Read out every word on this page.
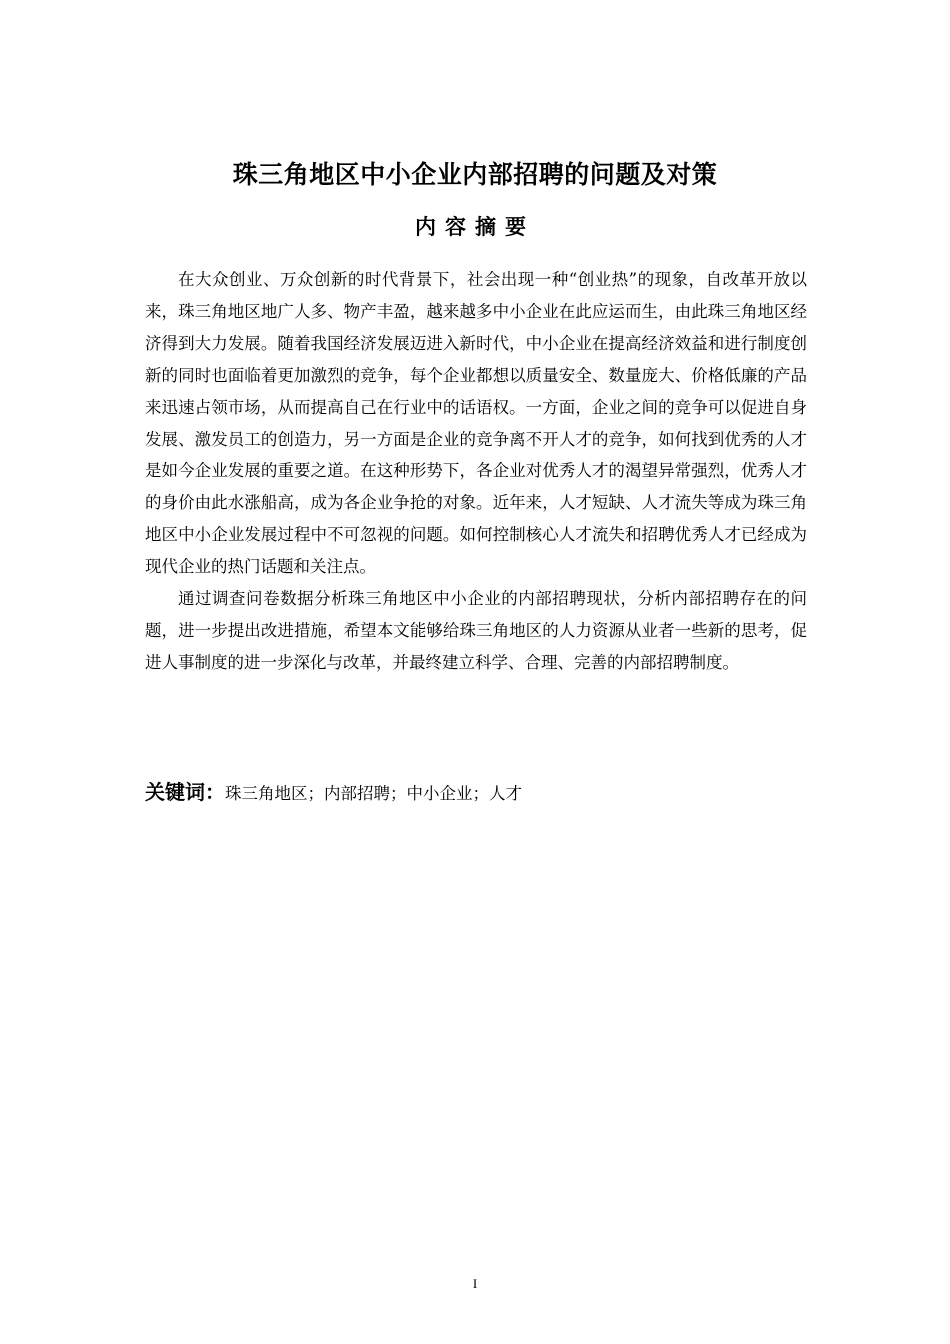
珠三角地区中小企业内部招聘的问题及对策
内容摘要

在大众创业、万众创新的时代背景下，社会出现一种“创业热”的现象，自改革开放以来，珠三角地区地广人多、物产丰盈，越来越多中小企业在此应运而生，由此珠三角地区经济得到大力发展。随着我国经济发展迈进入新时代，中小企业在提高经济效益和进行制度创新的同时也面临着更加激烈的竞争，每个企业都想以质量安全、数量庞大、价格低廉的产品来迅速占领市场，从而提高自己在行业中的话语权。一方面，企业之间的竞争可以促进自身发展、激发员工的创造力，另一方面是企业的竞争离不开人才的竞争，如何找到优秀的人才是如今企业发展的重要之道。在这种形势下，各企业对优秀人才的渴望异常强烈，优秀人才的身价由此水涨船高，成为各企业争抢的对象。近年来，人才短缺、人才流失等成为珠三角地区中小企业发展过程中不可忽视的问题。如何控制核心人才流失和招聘优秀人才已经成为现代企业的热门话题和关注点。

通过调查问卷数据分析珠三角地区中小企业的内部招聘现状，分析内部招聘存在的问题，进一步提出改进措施，希望本文能够给珠三角地区的人力资源从业者一些新的思考，促进人事制度的进一步深化与改革，并最终建立科学、合理、完善的内部招聘制度。

关键词：珠三角地区；内部招聘；中小企业；人才
I
